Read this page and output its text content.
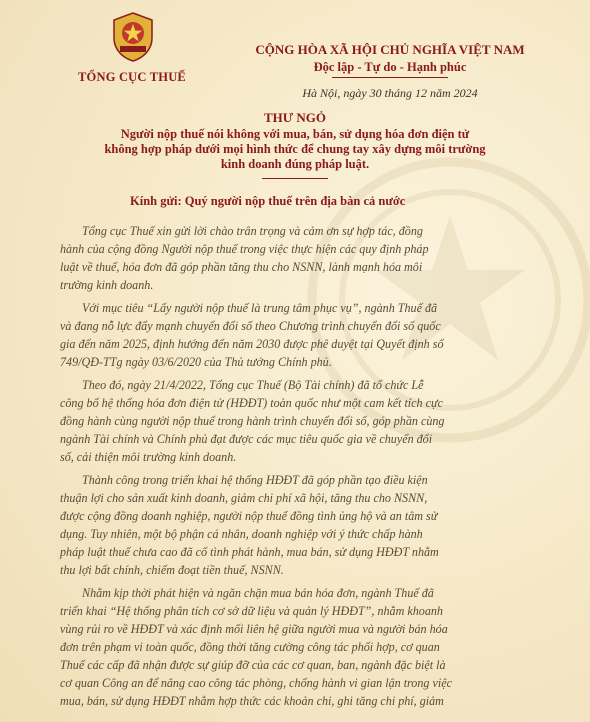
TỔNG CỤC THUẾ
CỘNG HÒA XÃ HỘI CHỦ NGHĨA VIỆT NAM
Độc lập - Tự do - Hạnh phúc
Hà Nội, ngày 30 tháng 12 năm 2024
THƯ NGỎ
Người nộp thuế nói không với mua, bán, sử dụng hóa đơn điện tử
không hợp pháp dưới mọi hình thức để chung tay xây dựng môi trường
kinh doanh đúng pháp luật.
Kính gửi: Quý người nộp thuế trên địa bàn cả nước
Tổng cục Thuế xin gửi lời chào trân trọng và cảm ơn sự hợp tác, đồng
hành của cộng đồng Người nộp thuế trong việc thực hiện các quy định pháp
luật về thuế, hóa đơn đã góp phần tăng thu cho NSNN, lành mạnh hóa môi
trường kinh doanh.
Với mục tiêu “Lấy người nộp thuế là trung tâm phục vụ”, ngành Thuế đã
và đang nỗ lực đẩy mạnh chuyển đổi số theo Chương trình chuyển đổi số quốc
gia đến năm 2025, định hướng đến năm 2030 được phê duyệt tại Quyết định số
749/QĐ-TTg ngày 03/6/2020 của Thủ tướng Chính phủ.
Theo đó, ngày 21/4/2022, Tổng cục Thuế (Bộ Tài chính) đã tổ chức Lễ
công bố hệ thống hóa đơn điện tử (HĐĐT) toàn quốc như một cam kết tích cực
đồng hành cùng người nộp thuế trong hành trình chuyển đổi số, góp phần cùng
ngành Tài chính và Chính phủ đạt được các mục tiêu quốc gia về chuyển đổi
số, cải thiện môi trường kinh doanh.
Thành công trong triển khai hệ thống HĐĐT đã góp phần tạo điều kiện
thuận lợi cho sản xuất kinh doanh, giảm chi phí xã hội, tăng thu cho NSNN,
được cộng đồng doanh nghiệp, người nộp thuế đồng tình ủng hộ và an tâm sử
dụng. Tuy nhiên, một bộ phận cá nhân, doanh nghiệp với ý thức chấp hành
pháp luật thuế chưa cao đã cố tình phát hành, mua bán, sử dụng HĐĐT nhằm
thu lợi bất chính, chiếm đoạt tiền thuế, NSNN.
Nhằm kịp thời phát hiện và ngăn chặn mua bán hóa đơn, ngành Thuế đã
triển khai “Hệ thống phân tích cơ sở dữ liệu và quản lý HĐĐT”, nhằm khoanh
vùng rủi ro về HĐĐT và xác định mối liên hệ giữa người mua và người bán hóa
đơn trên phạm vi toàn quốc, đồng thời tăng cường công tác phối hợp, cơ quan
Thuế các cấp đã nhận được sự giúp đỡ của các cơ quan, ban, ngành đặc biệt là
cơ quan Công an để nâng cao công tác phòng, chống hành vi gian lận trong việc
mua, bán, sử dụng HĐĐT nhằm hợp thức các khoản chi, ghi tăng chi phí, giảm
